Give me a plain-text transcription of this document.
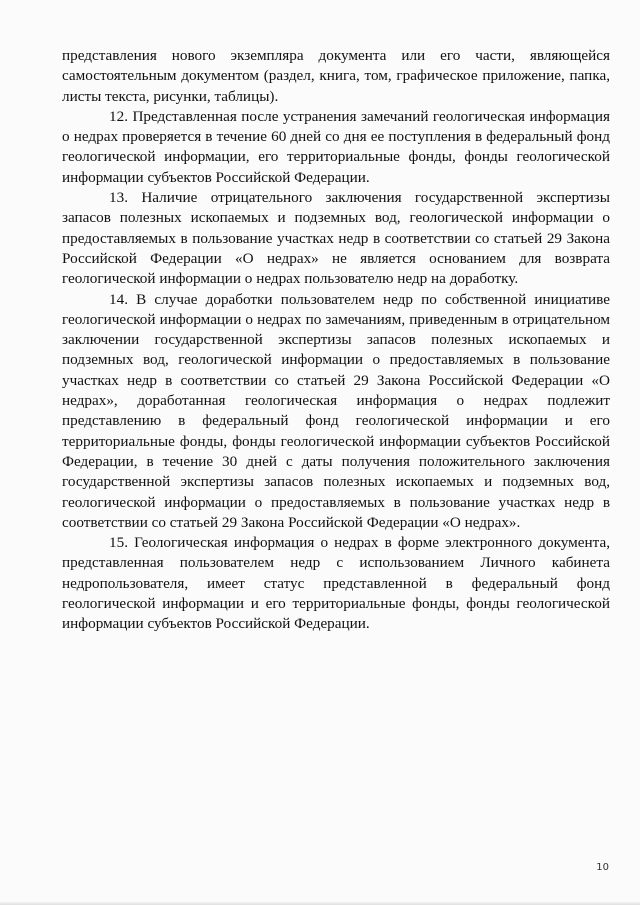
представления нового экземпляра документа или его части, являющейся самостоятельным документом (раздел, книга, том, графическое приложение, папка, листы текста, рисунки, таблицы).

12. Представленная после устранения замечаний геологическая информация о недрах проверяется в течение 60 дней со дня ее поступления в федеральный фонд геологической информации, его территориальные фонды, фонды геологической информации субъектов Российской Федерации.

13. Наличие отрицательного заключения государственной экспертизы запасов полезных ископаемых и подземных вод, геологической информации о предоставляемых в пользование участках недр в соответствии со статьей 29 Закона Российской Федерации «О недрах» не является основанием для возврата геологической информации о недрах пользователю недр на доработку.

14. В случае доработки пользователем недр по собственной инициативе геологической информации о недрах по замечаниям, приведенным в отрицательном заключении государственной экспертизы запасов полезных ископаемых и подземных вод, геологической информации о предоставляемых в пользование участках недр в соответствии со статьей 29 Закона Российской Федерации «О недрах», доработанная геологическая информация о недрах подлежит представлению в федеральный фонд геологической информации и его территориальные фонды, фонды геологической информации субъектов Российской Федерации, в течение 30 дней с даты получения положительного заключения государственной экспертизы запасов полезных ископаемых и подземных вод, геологической информации о предоставляемых в пользование участках недр в соответствии со статьей 29 Закона Российской Федерации «О недрах».

15. Геологическая информация о недрах в форме электронного документа, представленная пользователем недр с использованием Личного кабинета недропользователя, имеет статус представленной в федеральный фонд геологической информации и его территориальные фонды, фонды геологической информации субъектов Российской Федерации.

10
